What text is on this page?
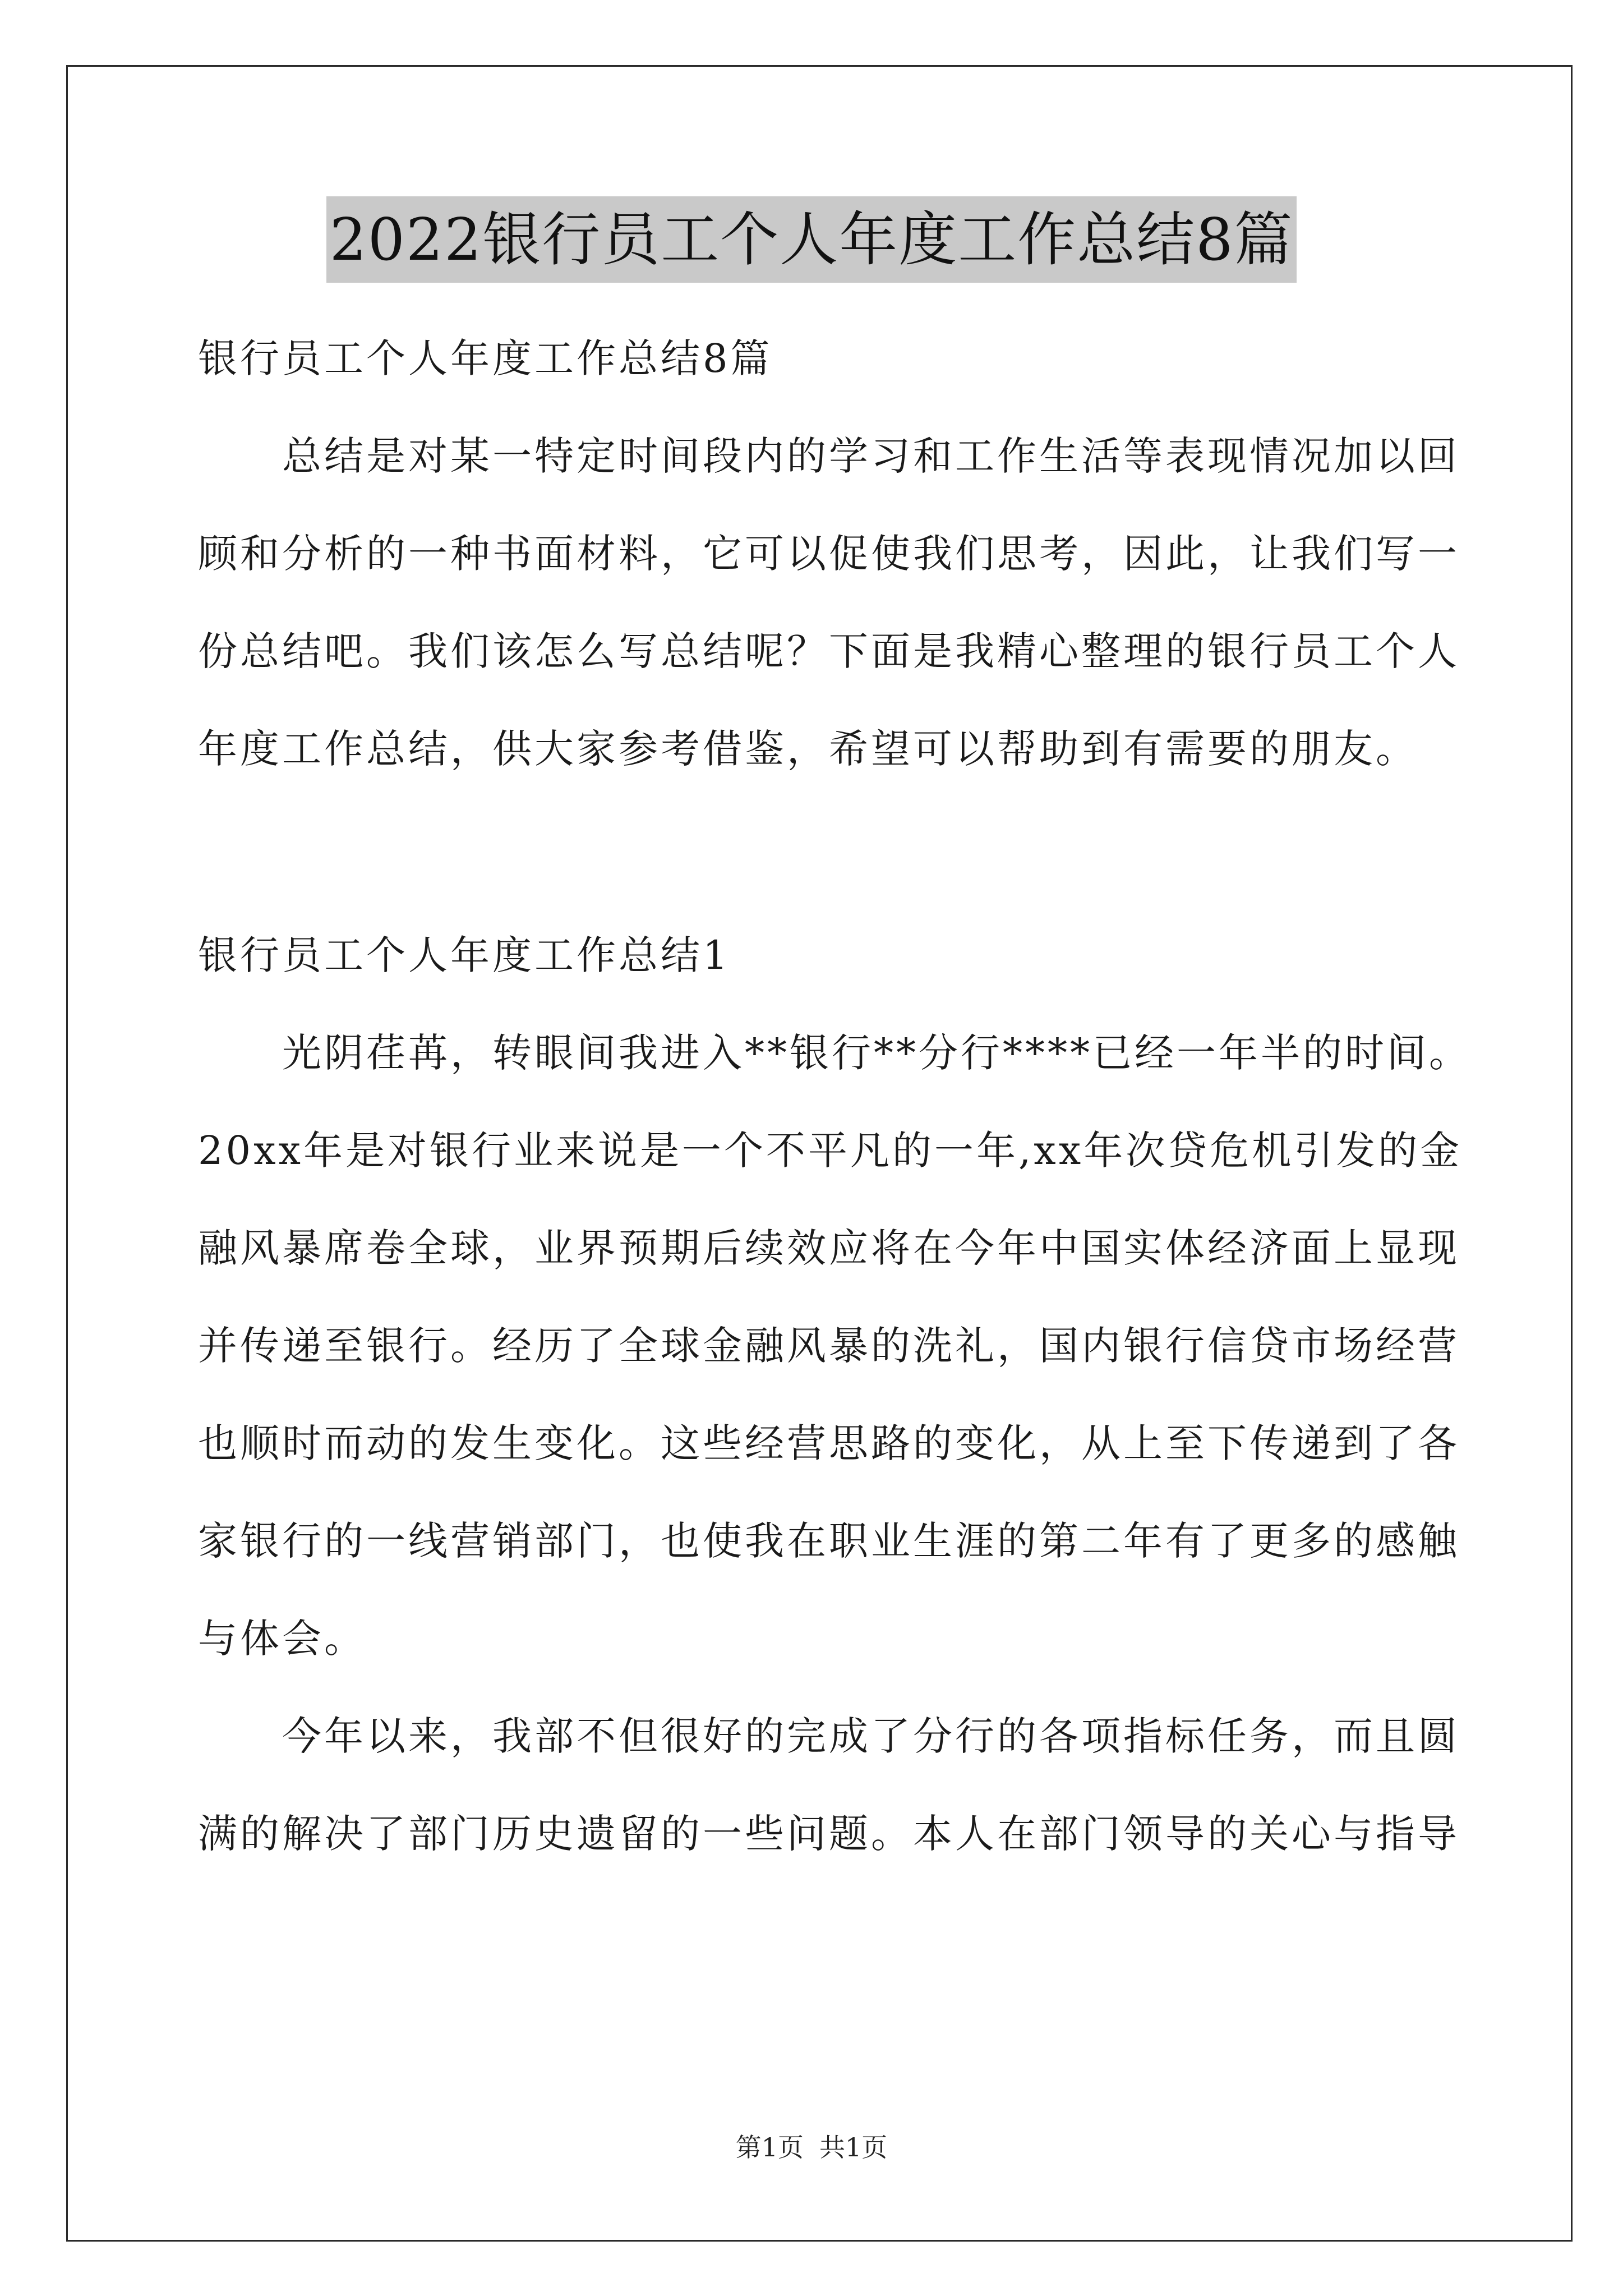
2022银行员工个人年度工作总结8篇
银行员工个人年度工作总结8篇
总结是对某一特定时间段内的学习和工作生活等表现情况加以回
顾和分析的一种书面材料，它可以促使我们思考，因此，让我们写一
份总结吧。我们该怎么写总结呢？下面是我精心整理的银行员工个人
年度工作总结，供大家参考借鉴，希望可以帮助到有需要的朋友。
银行员工个人年度工作总结1
光阴荏苒，转眼间我进入**银行**分行****已经一年半的时间。
20xx年是对银行业来说是一个不平凡的一年,xx年次贷危机引发的金
融风暴席卷全球，业界预期后续效应将在今年中国实体经济面上显现
并传递至银行。经历了全球金融风暴的洗礼，国内银行信贷市场经营
也顺时而动的发生变化。这些经营思路的变化，从上至下传递到了各
家银行的一线营销部门，也使我在职业生涯的第二年有了更多的感触
与体会。
今年以来，我部不但很好的完成了分行的各项指标任务，而且圆
满的解决了部门历史遗留的一些问题。本人在部门领导的关心与指导
第1页 共1页
